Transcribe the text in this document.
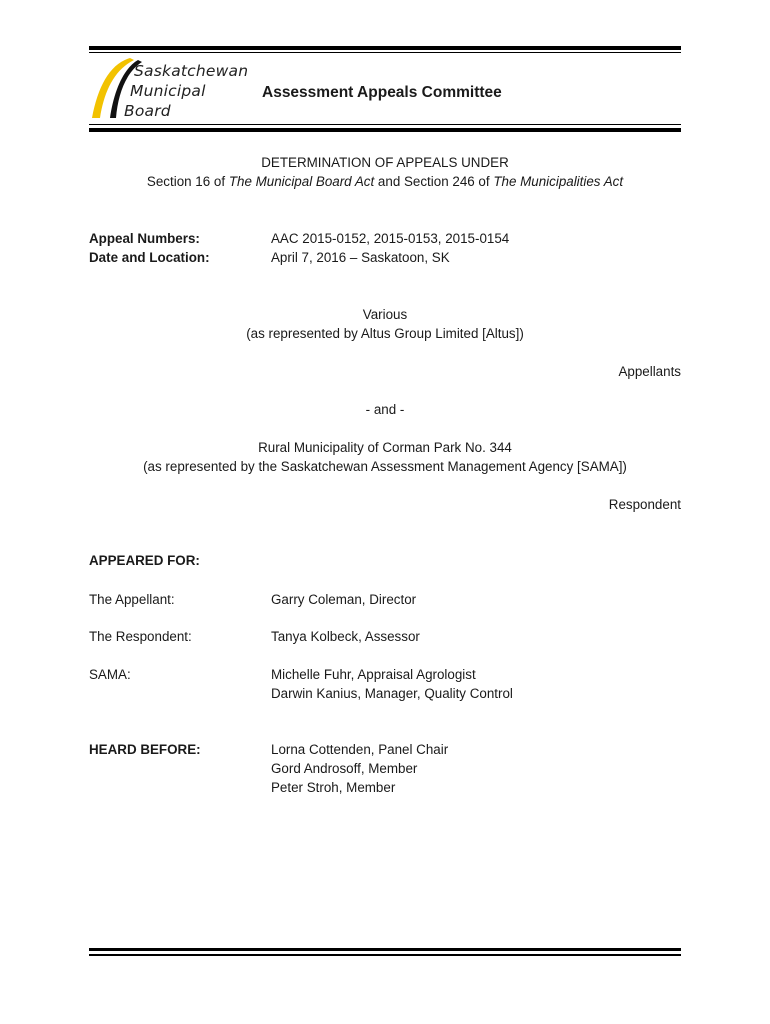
Saskatchewan
Municipal
Board
Assessment Appeals Committee
DETERMINATION OF APPEALS UNDER
Section 16 of The Municipal Board Act and Section 246 of The Municipalities Act
Appeal Numbers:	AAC 2015-0152, 2015-0153, 2015-0154
Date and Location:	April 7, 2016 – Saskatoon, SK
Various
(as represented by Altus Group Limited [Altus])
Appellants
- and -
Rural Municipality of Corman Park No. 344
(as represented by the Saskatchewan Assessment Management Agency [SAMA])
Respondent
APPEARED FOR:
The Appellant:	Garry Coleman, Director
The Respondent:	Tanya Kolbeck, Assessor
SAMA:	Michelle Fuhr, Appraisal Agrologist
Darwin Kanius, Manager, Quality Control
HEARD BEFORE:	Lorna Cottenden, Panel Chair
Gord Androsoff, Member
Peter Stroh, Member
